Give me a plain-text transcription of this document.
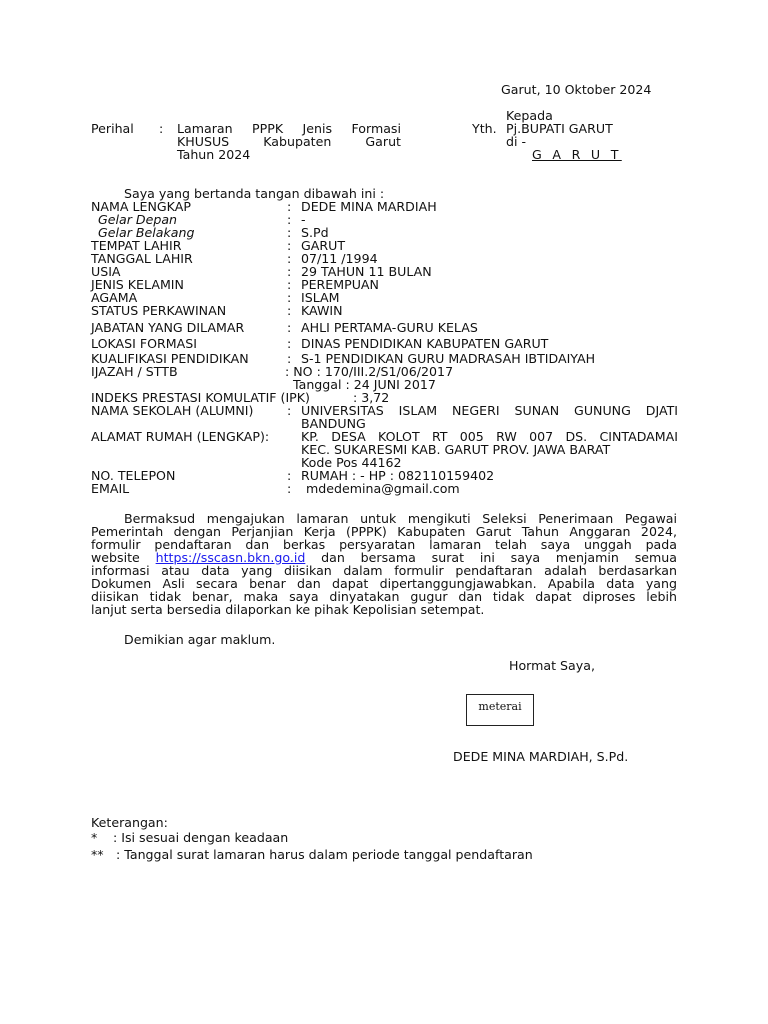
Garut, 10 Oktober 2024
Kepada
Yth. Pj.BUPATI GARUT
di -
G A R U T
Perihal : Lamaran PPPK Jenis Formasi
KHUSUS Kabupaten Garut
Tahun 2024
Saya yang bertanda tangan dibawah ini :
NAMA LENGKAP
Gelar Depan
Gelar Belakang
TEMPAT LAHIR
TANGGAL LAHIR
USIA
JENIS KELAMIN
AGAMA
STATUS PERKAWINAN
JABATAN YANG DILAMAR
LOKASI FORMASI
KUALIFIKASI PENDIDIKAN
IJAZAH / STTB
INDEKS PRESTASI KOMULATIF (IPK)
NAMA SEKOLAH (ALUMNI)
ALAMAT RUMAH (LENGKAP):
NO. TELEPON
EMAIL
:
:
:
:
:
:
:
:
:
:
:
:
:
:
:
DEDE MINA MARDIAH
-
S.Pd
GARUT
07/11 /1994
29 TAHUN 11 BULAN
PEREMPUAN
ISLAM
KAWIN
AHLI PERTAMA-GURU KELAS
DINAS PENDIDIKAN KABUPATEN GARUT
S-1 PENDIDIKAN GURU MADRASAH IBTIDAIYAH
: NO : 170/III.2/S1/06/2017
Tanggal : 24 JUNI 2017
: 3,72
UNIVERSITAS ISLAM NEGERI SUNAN GUNUNG DJATI
BANDUNG
KP. DESA KOLOT RT 005 RW 007 DS. CINTADAMAI
KEC. SUKARESMI KAB. GARUT PROV. JAWA BARAT
Kode Pos 44162
RUMAH : - HP : 082110159402
mdedemina@gmail.com
Bermaksud mengajukan lamaran untuk mengikuti Seleksi Penerimaan Pegawai
Pemerintah dengan Perjanjian Kerja (PPPK) Kabupaten Garut Tahun Anggaran 2024,
formulir pendaftaran dan berkas persyaratan lamaran telah saya unggah pada
website https://sscasn.bkn.go.id dan bersama surat ini saya menjamin semua
informasi atau data yang diisikan dalam formulir pendaftaran adalah berdasarkan
Dokumen Asli secara benar dan dapat dipertanggungjawabkan. Apabila data yang
diisikan tidak benar, maka saya dinyatakan gugur dan tidak dapat diproses lebih
lanjut serta bersedia dilaporkan ke pihak Kepolisian setempat.
Demikian agar maklum.
Hormat Saya,
meterai
DEDE MINA MARDIAH, S.Pd.
Keterangan:
* : Isi sesuai dengan keadaan
** : Tanggal surat lamaran harus dalam periode tanggal pendaftaran
